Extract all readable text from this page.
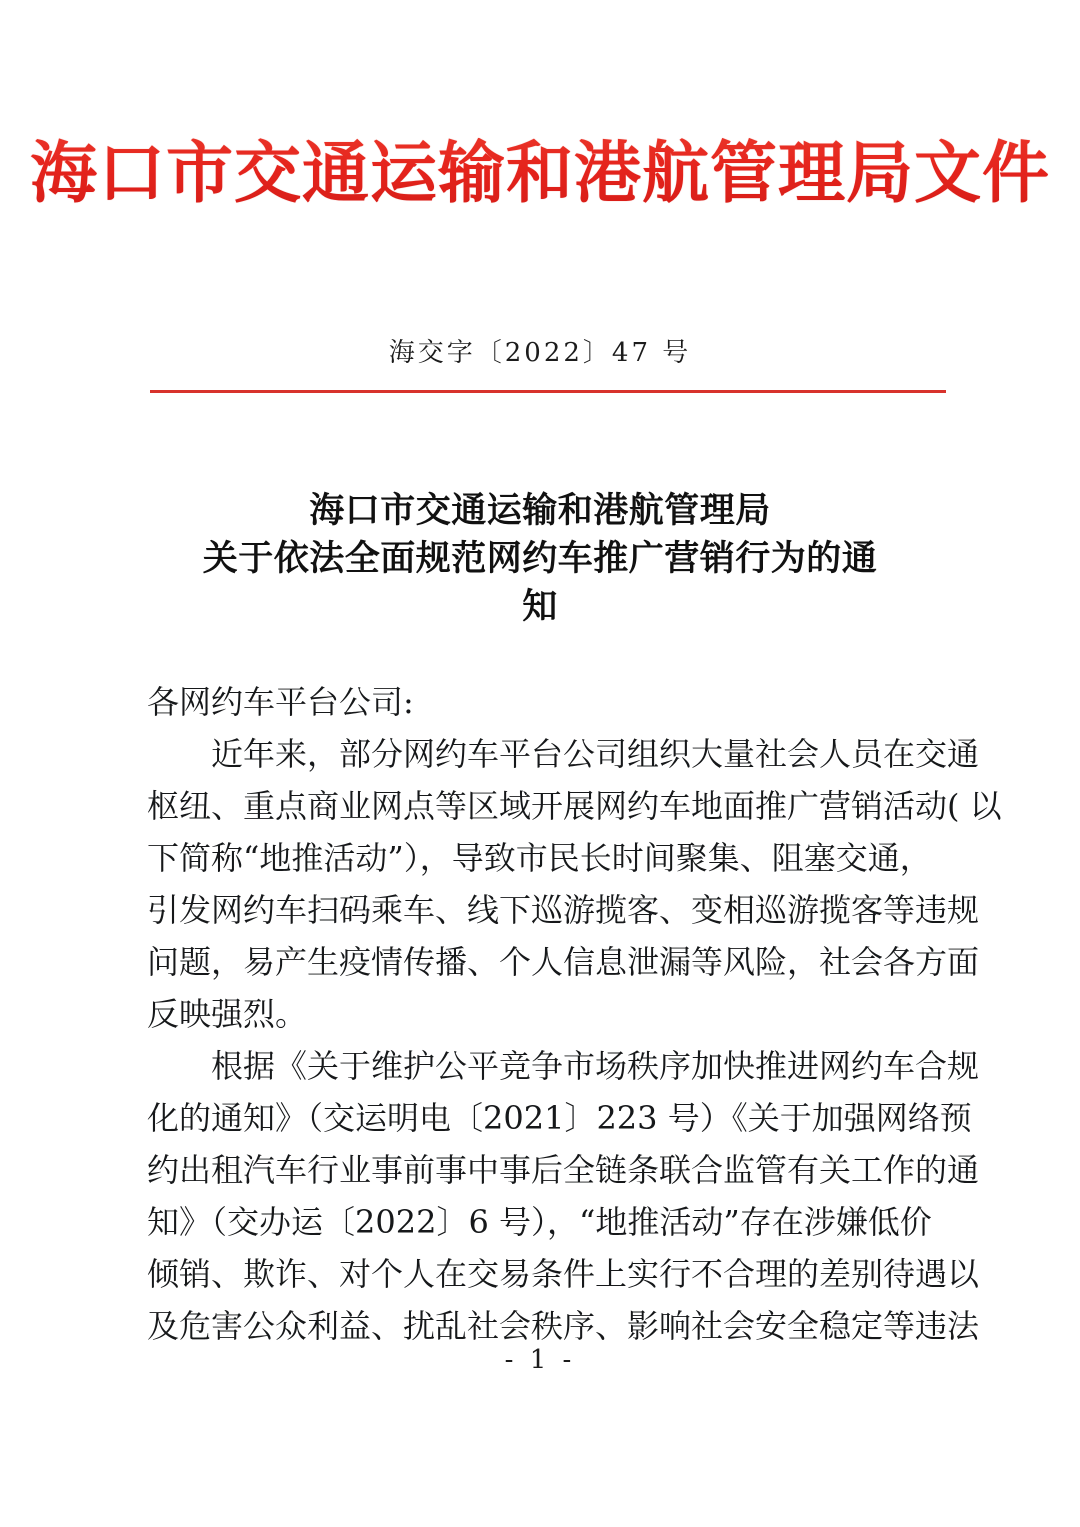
海口市交通运输和港航管理局文件
海交字〔2022〕47 号
海口市交通运输和港航管理局
关于依法全面规范网约车推广营销行为的通
知
各网约车平台公司:
近年来，部分网约车平台公司组织大量社会人员在交通
枢纽、重点商业网点等区域开展网约车地面推广营销活动( 以
下简称“地推活动”），导致市民长时间聚集、阻塞交通，
引发网约车扫码乘车、线下巡游揽客、变相巡游揽客等违规
问题，易产生疫情传播、个人信息泄漏等风险，社会各方面
反映强烈。
根据《关于维护公平竞争市场秩序加快推进网约车合规
化的通知》（交运明电〔2021〕223 号）《关于加强网络预
约出租汽车行业事前事中事后全链条联合监管有关工作的通
知》（交办运〔2022〕6 号），“地推活动”存在涉嫌低价
倾销、欺诈、对个人在交易条件上实行不合理的差别待遇以
及危害公众利益、扰乱社会秩序、影响社会安全稳定等违法
- 1 -
